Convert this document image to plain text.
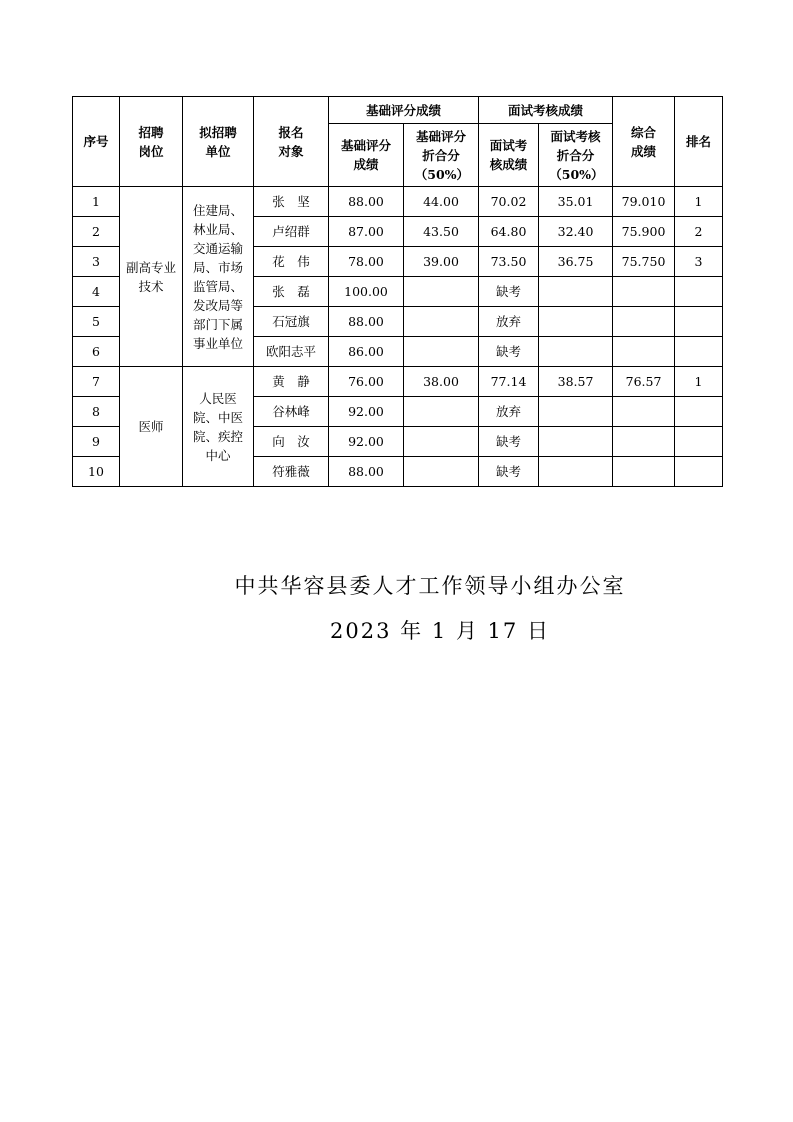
序号	招聘岗位	拟招聘单位	报名对象	基础评分成绩		面试考核成绩		综合成绩	排名

				基础评分成绩	基础评分折合分（50%）	面试考核成绩	面试考核折合分（50%）		

1	副高专业技术	住建局、林业局、交通运输局、市场监管局、发改局等部门下属事业单位	张　坚	88.00	44.00	70.02	35.01	79.010	1
2			卢绍群	87.00	43.50	64.80	32.40	75.900	2
3			花　伟	78.00	39.00	73.50	36.75	75.750	3
4			张　磊	100.00		缺考			
5			石冠旗	88.00		放弃			
6			欧阳志平	86.00		缺考			
7	医师	人民医院、中医院、疾控中心	黄　静	76.00	38.00	77.14	38.57	76.57	1
8			谷林峰	92.00		放弃			
9			向　汝	92.00		缺考			
10			符雅薇	88.00		缺考			
中共华容县委人才工作领导小组办公室
2023 年 1 月 17 日
